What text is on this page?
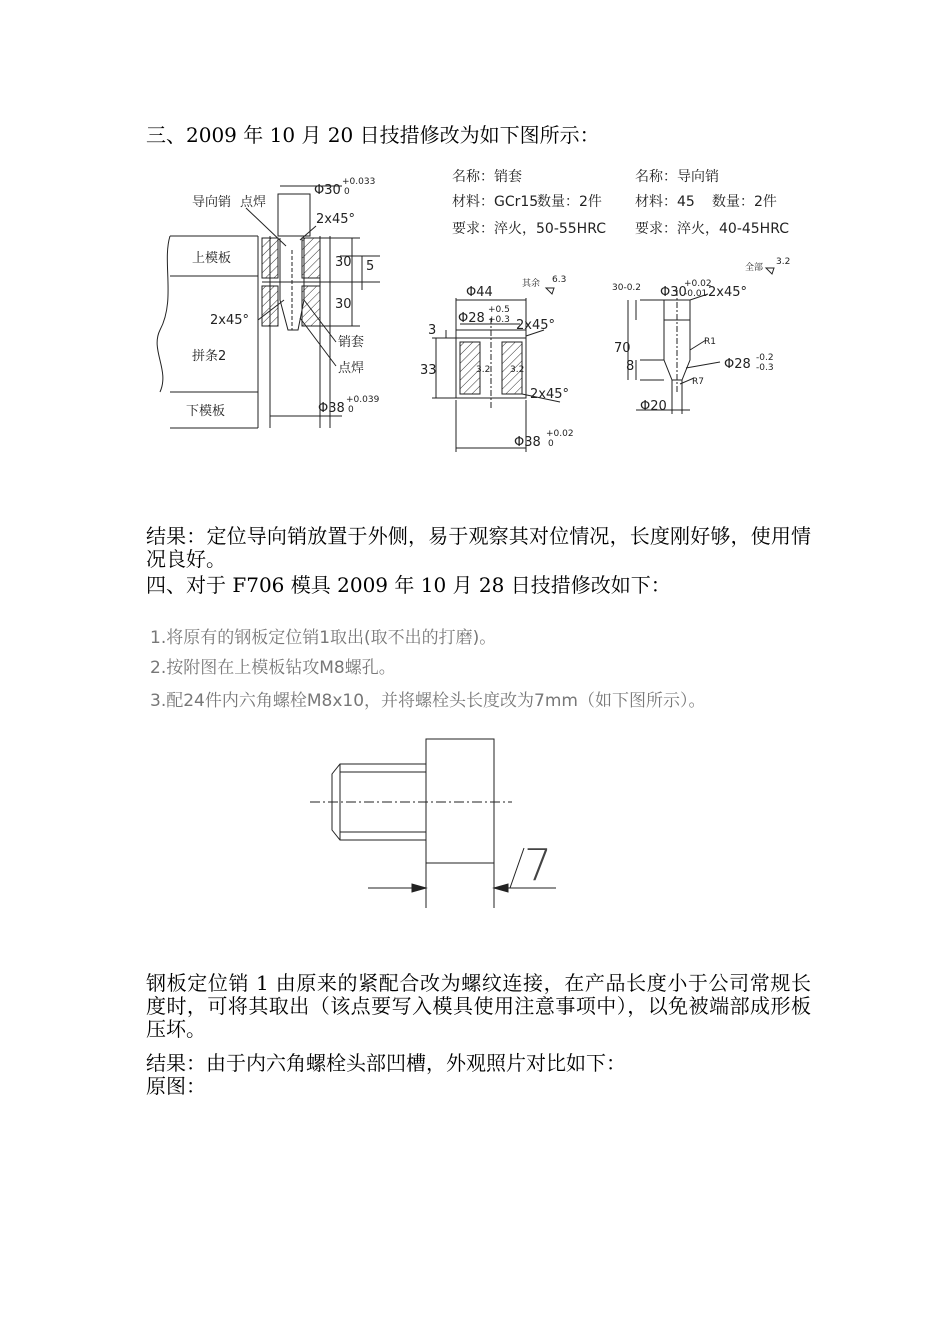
三、2009 年 10 月 20 日技措修改为如下图所示：
导向销 点焊
上模板
拼条2
下模板
销套
点焊
2x45°
2x45°
30
30
5
Φ30
Φ38
+0.033
0
+0.039
0
名称：销套
材料：GCr15
数量：2件
要求：淬火，50-55HRC
名称：导向销
材料：45 数量：2件
要求：淬火，40-45HRC
其余 6.3
Φ44
Φ28 2x45°
2x45°
3
33
Φ38
+0.5
+0.3
3.2 3.2
+0.02
0
全部
3.2
Φ30 2x45°
Φ28
Φ20
70
8
+0.02
-0.01
30-0.2
R1
R7
-0.2
-0.3
7
结果：定位导向销放置于外侧，易于观察其对位情况，长度刚好够，使用情况良好。
四、对于 F706 模具 2009 年 10 月 28 日技措修改如下：
1.将原有的钢板定位销1取出(取不出的打磨)。
2.按附图在上模板钻攻M8螺孔。
3.配24件内六角螺栓M8x10，并将螺栓头长度改为7mm（如下图所示）。
钢板定位销 1 由原来的紧配合改为螺纹连接，在产品长度小于公司常规长度时，可将其取出（该点要写入模具使用注意事项中），以免被端部成形板压坏。
结果：由于内六角螺栓头部凹槽，外观照片对比如下：
原图：
